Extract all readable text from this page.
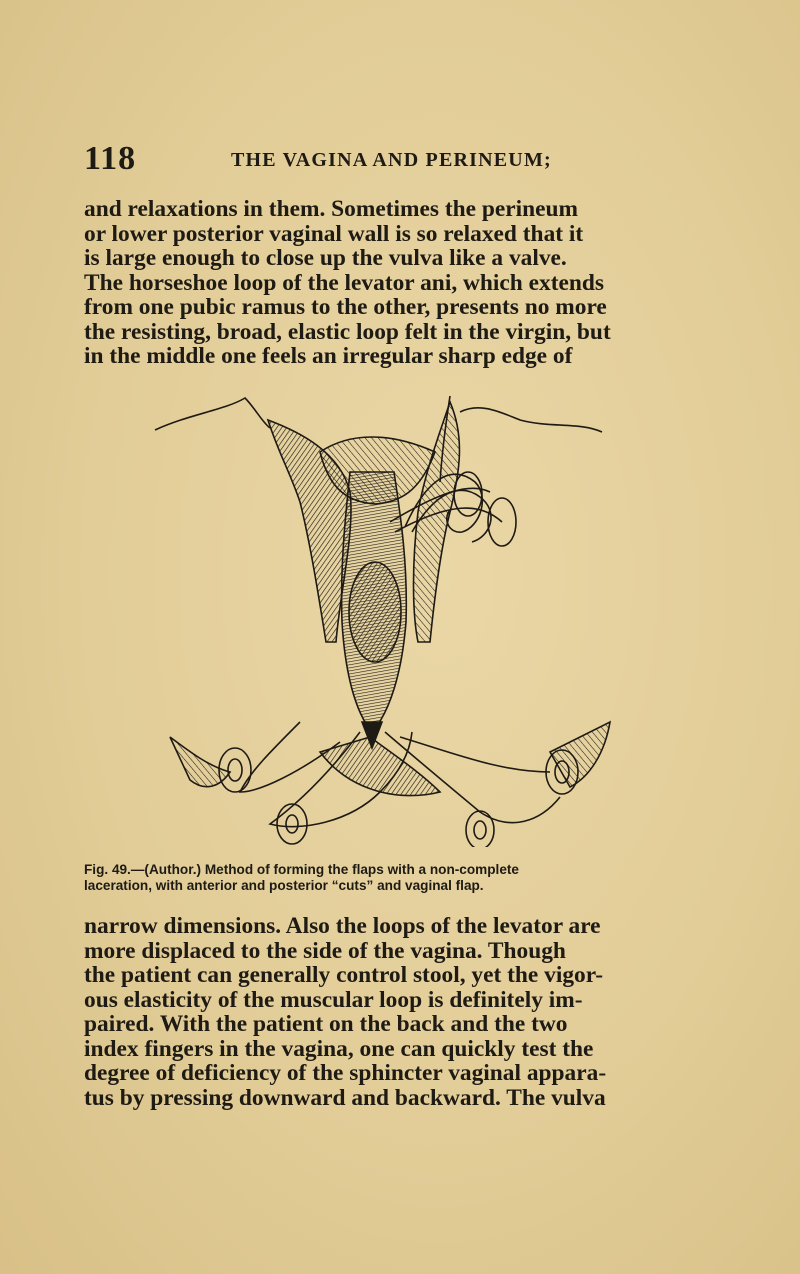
118	THE VAGINA AND PERINEUM;
and relaxations in them. Sometimes the perineum
or lower posterior vaginal wall is so relaxed that it
is large enough to close up the vulva like a valve.
The horseshoe loop of the levator ani, which extends
from one pubic ramus to the other, presents no more
the resisting, broad, elastic loop felt in the virgin, but
in the middle one feels an irregular sharp edge of
Fig. 49.—(Author.) Method of forming the flaps with a non-complete
laceration, with anterior and posterior “cuts” and vaginal flap.
narrow dimensions. Also the loops of the levator are
more displaced to the side of the vagina. Though
the patient can generally control stool, yet the vigor-
ous elasticity of the muscular loop is definitely im-
paired. With the patient on the back and the two
index fingers in the vagina, one can quickly test the
degree of deficiency of the sphincter vaginal appara-
tus by pressing downward and backward. The vulva
